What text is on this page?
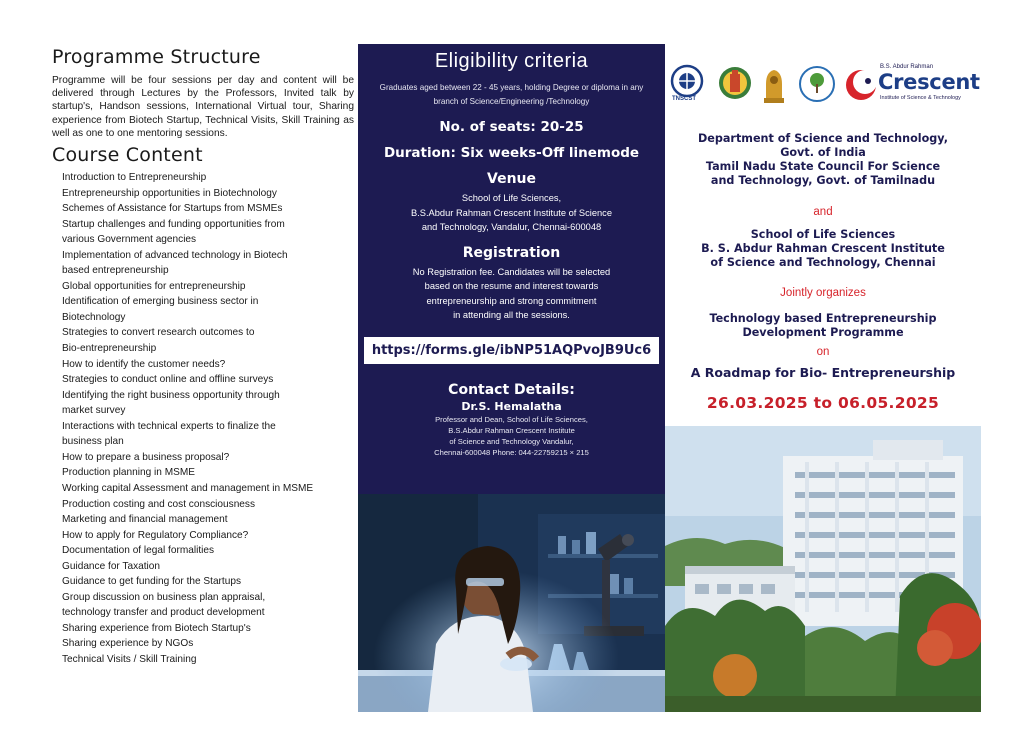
Programme Structure

Programme will be four sessions per day and content will be delivered through Lectures by the Professors, Invited talk by startup's, Handson sessions, International Virtual tour, Sharing experience from Biotech Startup, Technical Visits, Skill Training as well as one to one mentoring sessions.

Course Content
Introduction to Entrepreneurship
Entrepreneurship opportunities in Biotechnology
Schemes of Assistance for Startups from MSMEs
Startup challenges and funding opportunities from
various Government agencies
Implementation of advanced technology in Biotech
based entrepreneurship
Global opportunities for entrepreneurship
Identification of emerging business sector in
Biotechnology
Strategies to convert research outcomes to
Bio-entrepreneurship
How to identify the customer needs?
Strategies to conduct online and offline surveys
Identifying the right business opportunity through
market survey
Interactions with technical experts to finalize the
business plan
How to prepare a business proposal?
Production planning in MSME
Working capital Assessment and management in MSME
Production costing and cost consciousness
Marketing and financial management
How to apply for Regulatory Compliance?
Documentation of legal formalities
Guidance for Taxation
Guidance to get funding for the Startups
Group discussion on business plan appraisal,
technology transfer and product development
Sharing experience from Biotech Startup's
Sharing experience by NGOs
Technical Visits / Skill Training
Eligibility criteria
Graduates aged between 22 - 45 years, holding Degree or diploma in any branch of Science/Engineering /Technology
No. of seats: 20-25
Duration: Six weeks-Off linemode
Venue
School of Life Sciences,
B.S.Abdur Rahman Crescent Institute of Science
and Technology, Vandalur, Chennai-600048
Registration
No Registration fee. Candidates will be selected
based on the resume and interest towards
entrepreneurship and strong commitment
in attending all the sessions.
https://forms.gle/ibNP51AQPvoJB9Uc6
Contact Details:
Dr.S. Hemalatha
Professor and Dean, School of Life Sciences,
B.S.Abdur Rahman Crescent Institute
of Science and Technology Vandalur,
Chennai-600048 Phone: 044-22759215 × 215
TNSCST
B.S. Abdur Rahman
Crescent
Institute of Science & Technology
Department of Science and Technology,
Govt. of India
Tamil Nadu State Council For Science
and Technology, Govt. of Tamilnadu
and
School of Life Sciences
B. S. Abdur Rahman Crescent Institute
of Science and Technology, Chennai
Jointly organizes
Technology based Entrepreneurship
Development Programme
on
A Roadmap for Bio- Entrepreneurship
26.03.2025 to 06.05.2025
